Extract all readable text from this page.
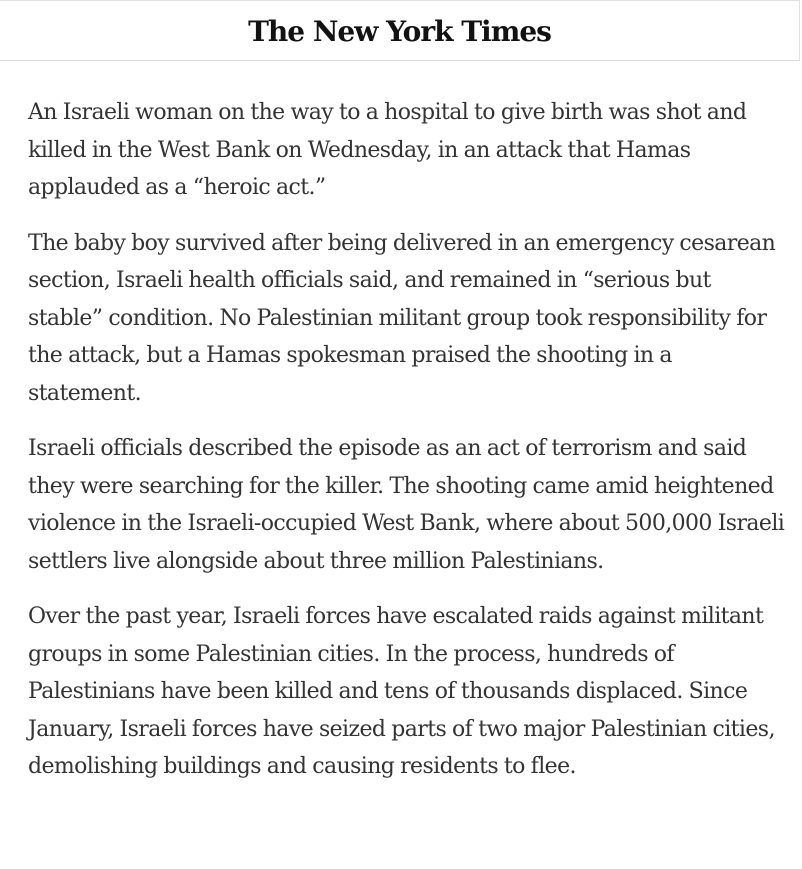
The New York Times

An Israeli woman on the way to a hospital to give birth was shot and killed in the West Bank on Wednesday, in an attack that Hamas applauded as a “heroic act.”

The baby boy survived after being delivered in an emergency cesarean section, Israeli health officials said, and remained in “serious but stable” condition. No Palestinian militant group took responsibility for the attack, but a Hamas spokesman praised the shooting in a statement.

Israeli officials described the episode as an act of terrorism and said they were searching for the killer. The shooting came amid heightened violence in the Israeli-occupied West Bank, where about 500,000 Israeli settlers live alongside about three million Palestinians.

Over the past year, Israeli forces have escalated raids against militant groups in some Palestinian cities. In the process, hundreds of Palestinians have been killed and tens of thousands displaced. Since January, Israeli forces have seized parts of two major Palestinian cities, demolishing buildings and causing residents to flee.
